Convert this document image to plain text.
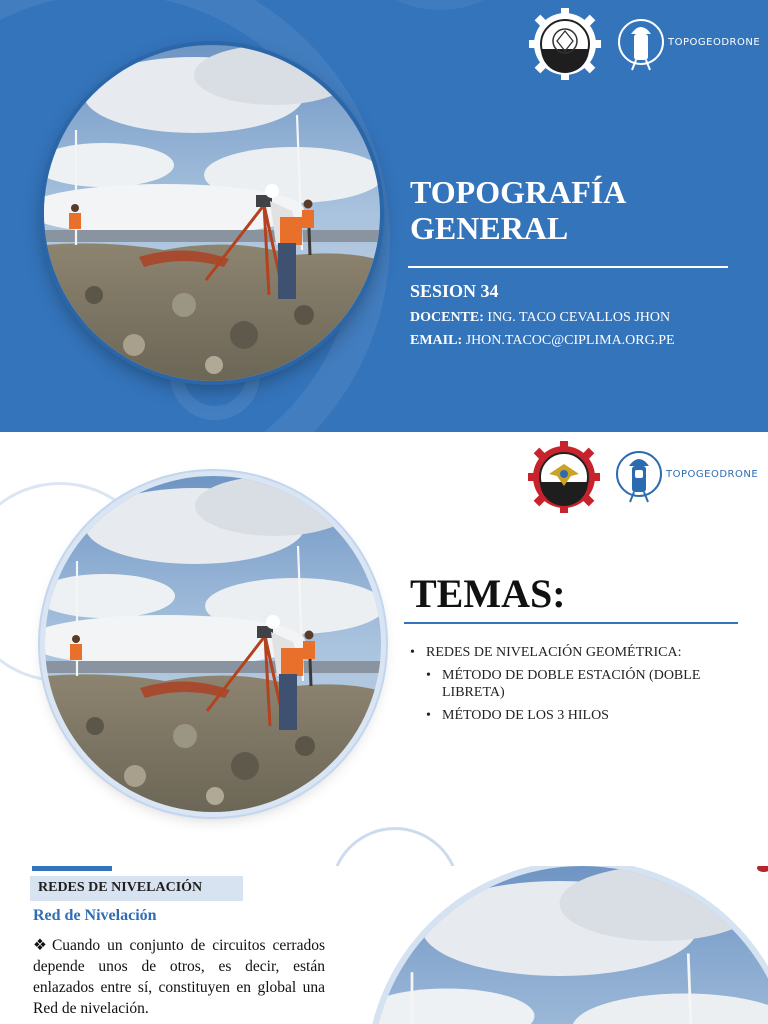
TOPOGEODRONE
TOPOGRAFÍA
GENERAL
SESION 34
DOCENTE: ING. TACO CEVALLOS JHON
EMAIL: JHON.TACOC@CIPLIMA.ORG.PE
TOPOGEODRONE
TEMAS:
• REDES DE NIVELACIÓN GEOMÉTRICA:
• MÉTODO DE DOBLE ESTACIÓN (DOBLE LIBRETA)
• MÉTODO DE LOS 3 HILOS
REDES DE NIVELACIÓN
Red de Nivelación

❖ Cuando un conjunto de circuitos cerrados depende unos de otros, es decir, están enlazados entre sí, constituyen en global una Red de nivelación.
